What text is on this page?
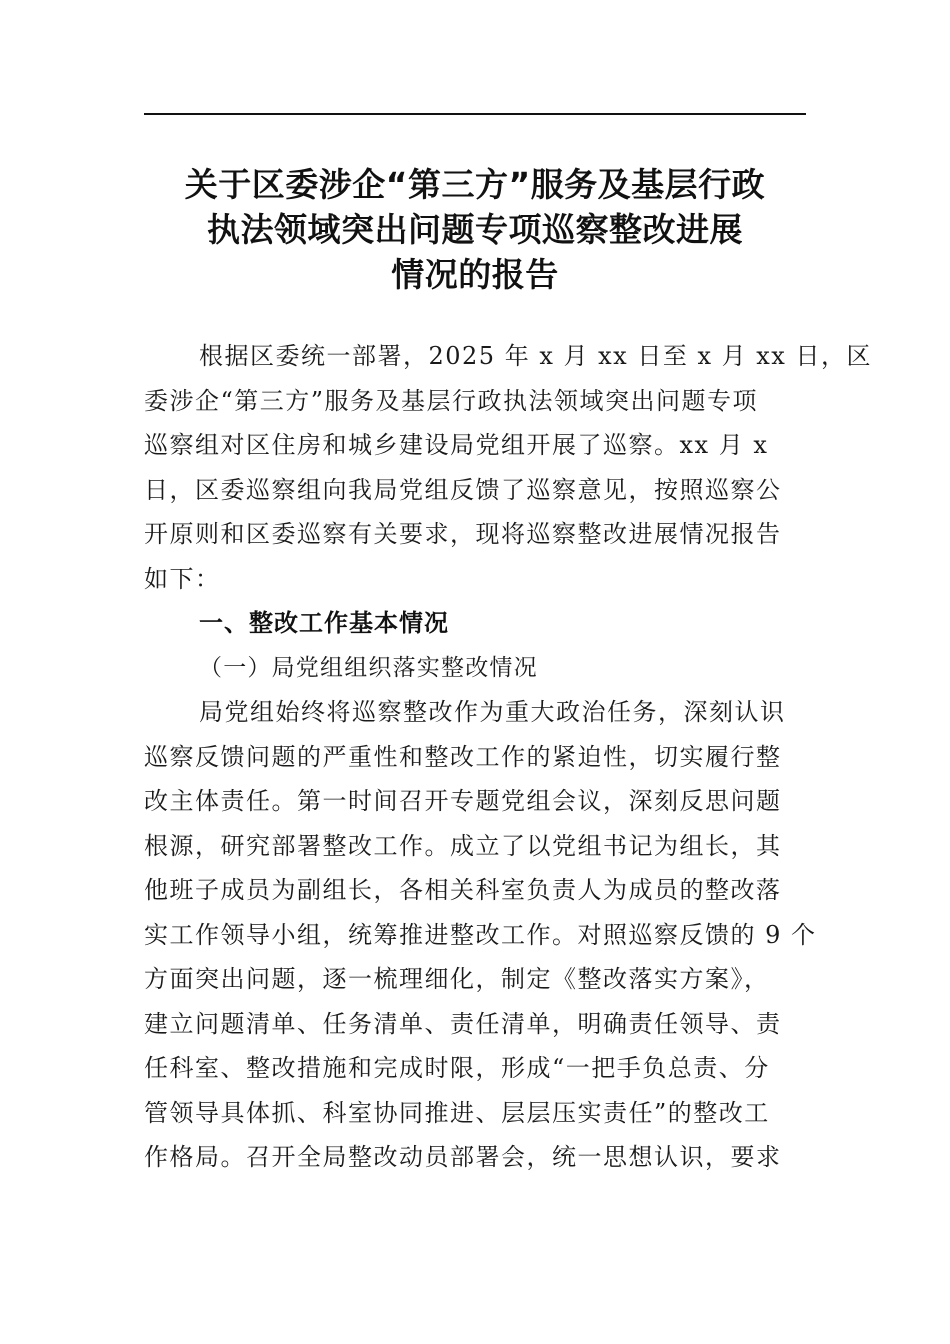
关于区委涉企“第三方”服务及基层行政
执法领域突出问题专项巡察整改进展
情况的报告
根据区委统一部署，2025 年 x 月 xx 日至 x 月 xx 日，区
委涉企“第三方”服务及基层行政执法领域突出问题专项
巡察组对区住房和城乡建设局党组开展了巡察。xx 月 x
日，区委巡察组向我局党组反馈了巡察意见，按照巡察公
开原则和区委巡察有关要求，现将巡察整改进展情况报告
如下：
一、整改工作基本情况
（一）局党组组织落实整改情况
局党组始终将巡察整改作为重大政治任务，深刻认识
巡察反馈问题的严重性和整改工作的紧迫性，切实履行整
改主体责任。第一时间召开专题党组会议，深刻反思问题
根源，研究部署整改工作。成立了以党组书记为组长，其
他班子成员为副组长，各相关科室负责人为成员的整改落
实工作领导小组，统筹推进整改工作。对照巡察反馈的 9 个
方面突出问题，逐一梳理细化，制定《整改落实方案》，
建立问题清单、任务清单、责任清单，明确责任领导、责
任科室、整改措施和完成时限，形成“一把手负总责、分
管领导具体抓、科室协同推进、层层压实责任”的整改工
作格局。召开全局整改动员部署会，统一思想认识，要求
